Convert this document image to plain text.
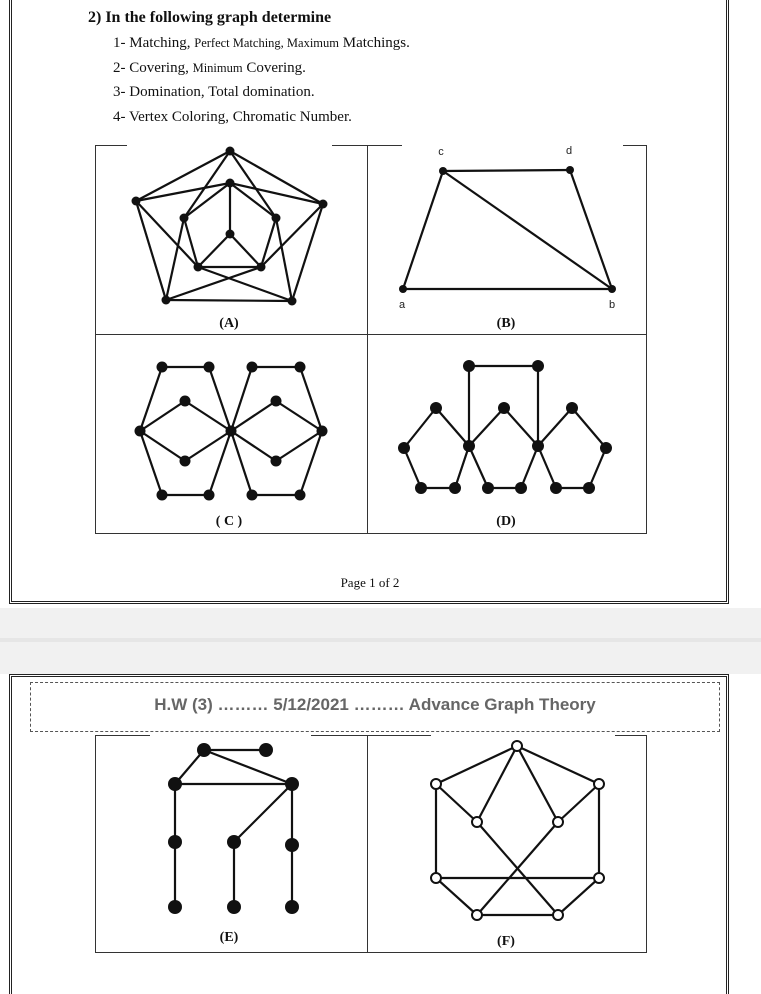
2) In the following graph determine
1- Matching, Perfect Matching, Maximum Matchings.
2- Covering, Minimum Covering.
3- Domination, Total domination.
4- Vertex Coloring, Chromatic Number.
(A)	(B)
( C )	(D)
Page 1 of 2
H.W (3) ……… 5/12/2021 ……… Advance Graph Theory
(E)	(F)
c	d
a	b
